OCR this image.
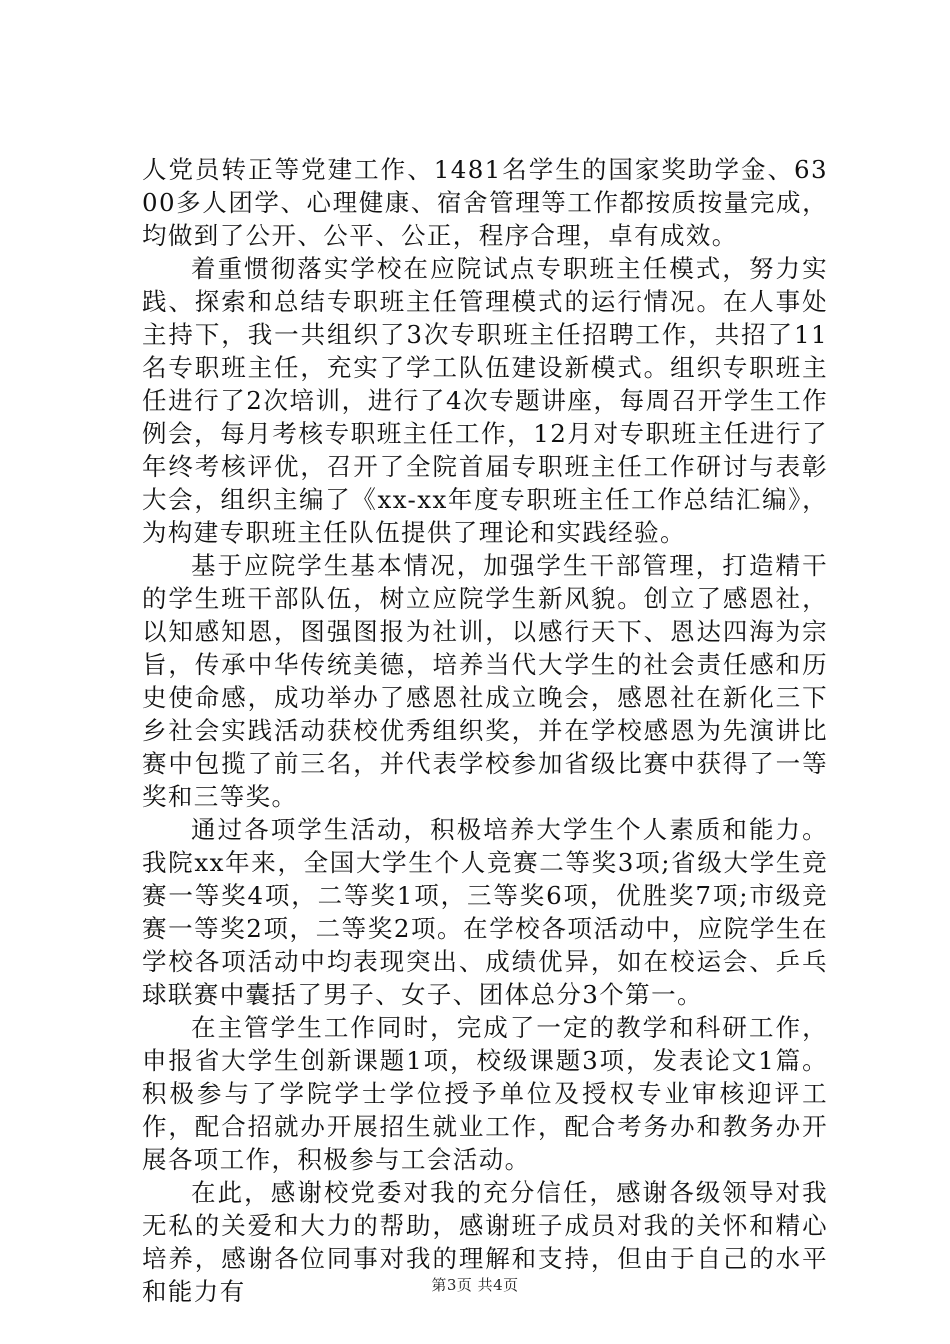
人党员转正等党建工作、1481名学生的国家奖助学金、6300多人团学、心理健康、宿舍管理等工作都按质按量完成，均做到了公开、公平、公正，程序合理，卓有成效。

着重惯彻落实学校在应院试点专职班主任模式，努力实践、探索和总结专职班主任管理模式的运行情况。在人事处主持下，我一共组织了3次专职班主任招聘工作，共招了11名专职班主任，充实了学工队伍建设新模式。组织专职班主任进行了2次培训，进行了4次专题讲座，每周召开学生工作例会，每月考核专职班主任工作，12月对专职班主任进行了年终考核评优，召开了全院首届专职班主任工作研讨与表彰大会，组织主编了《xx-xx年度专职班主任工作总结汇编》，为构建专职班主任队伍提供了理论和实践经验。

基于应院学生基本情况，加强学生干部管理，打造精干的学生班干部队伍，树立应院学生新风貌。创立了感恩社，以知感知恩，图强图报为社训，以感行天下、恩达四海为宗旨，传承中华传统美德，培养当代大学生的社会责任感和历史使命感，成功举办了感恩社成立晚会，感恩社在新化三下乡社会实践活动获校优秀组织奖，并在学校感恩为先演讲比赛中包揽了前三名，并代表学校参加省级比赛中获得了一等奖和三等奖。

通过各项学生活动，积极培养大学生个人素质和能力。我院xx年来，全国大学生个人竞赛二等奖3项;省级大学生竞赛一等奖4项，二等奖1项，三等奖6项，优胜奖7项;市级竞赛一等奖2项，二等奖2项。在学校各项活动中，应院学生在学校各项活动中均表现突出、成绩优异，如在校运会、乒乓球联赛中囊括了男子、女子、团体总分3个第一。

在主管学生工作同时，完成了一定的教学和科研工作，申报省大学生创新课题1项，校级课题3项，发表论文1篇。积极参与了学院学士学位授予单位及授权专业审核迎评工作，配合招就办开展招生就业工作，配合考务办和教务办开展各项工作，积极参与工会活动。

在此，感谢校党委对我的充分信任，感谢各级领导对我无私的关爱和大力的帮助，感谢班子成员对我的关怀和精心培养，感谢各位同事对我的理解和支持，但由于自己的水平和能力有	第3页 共4页
